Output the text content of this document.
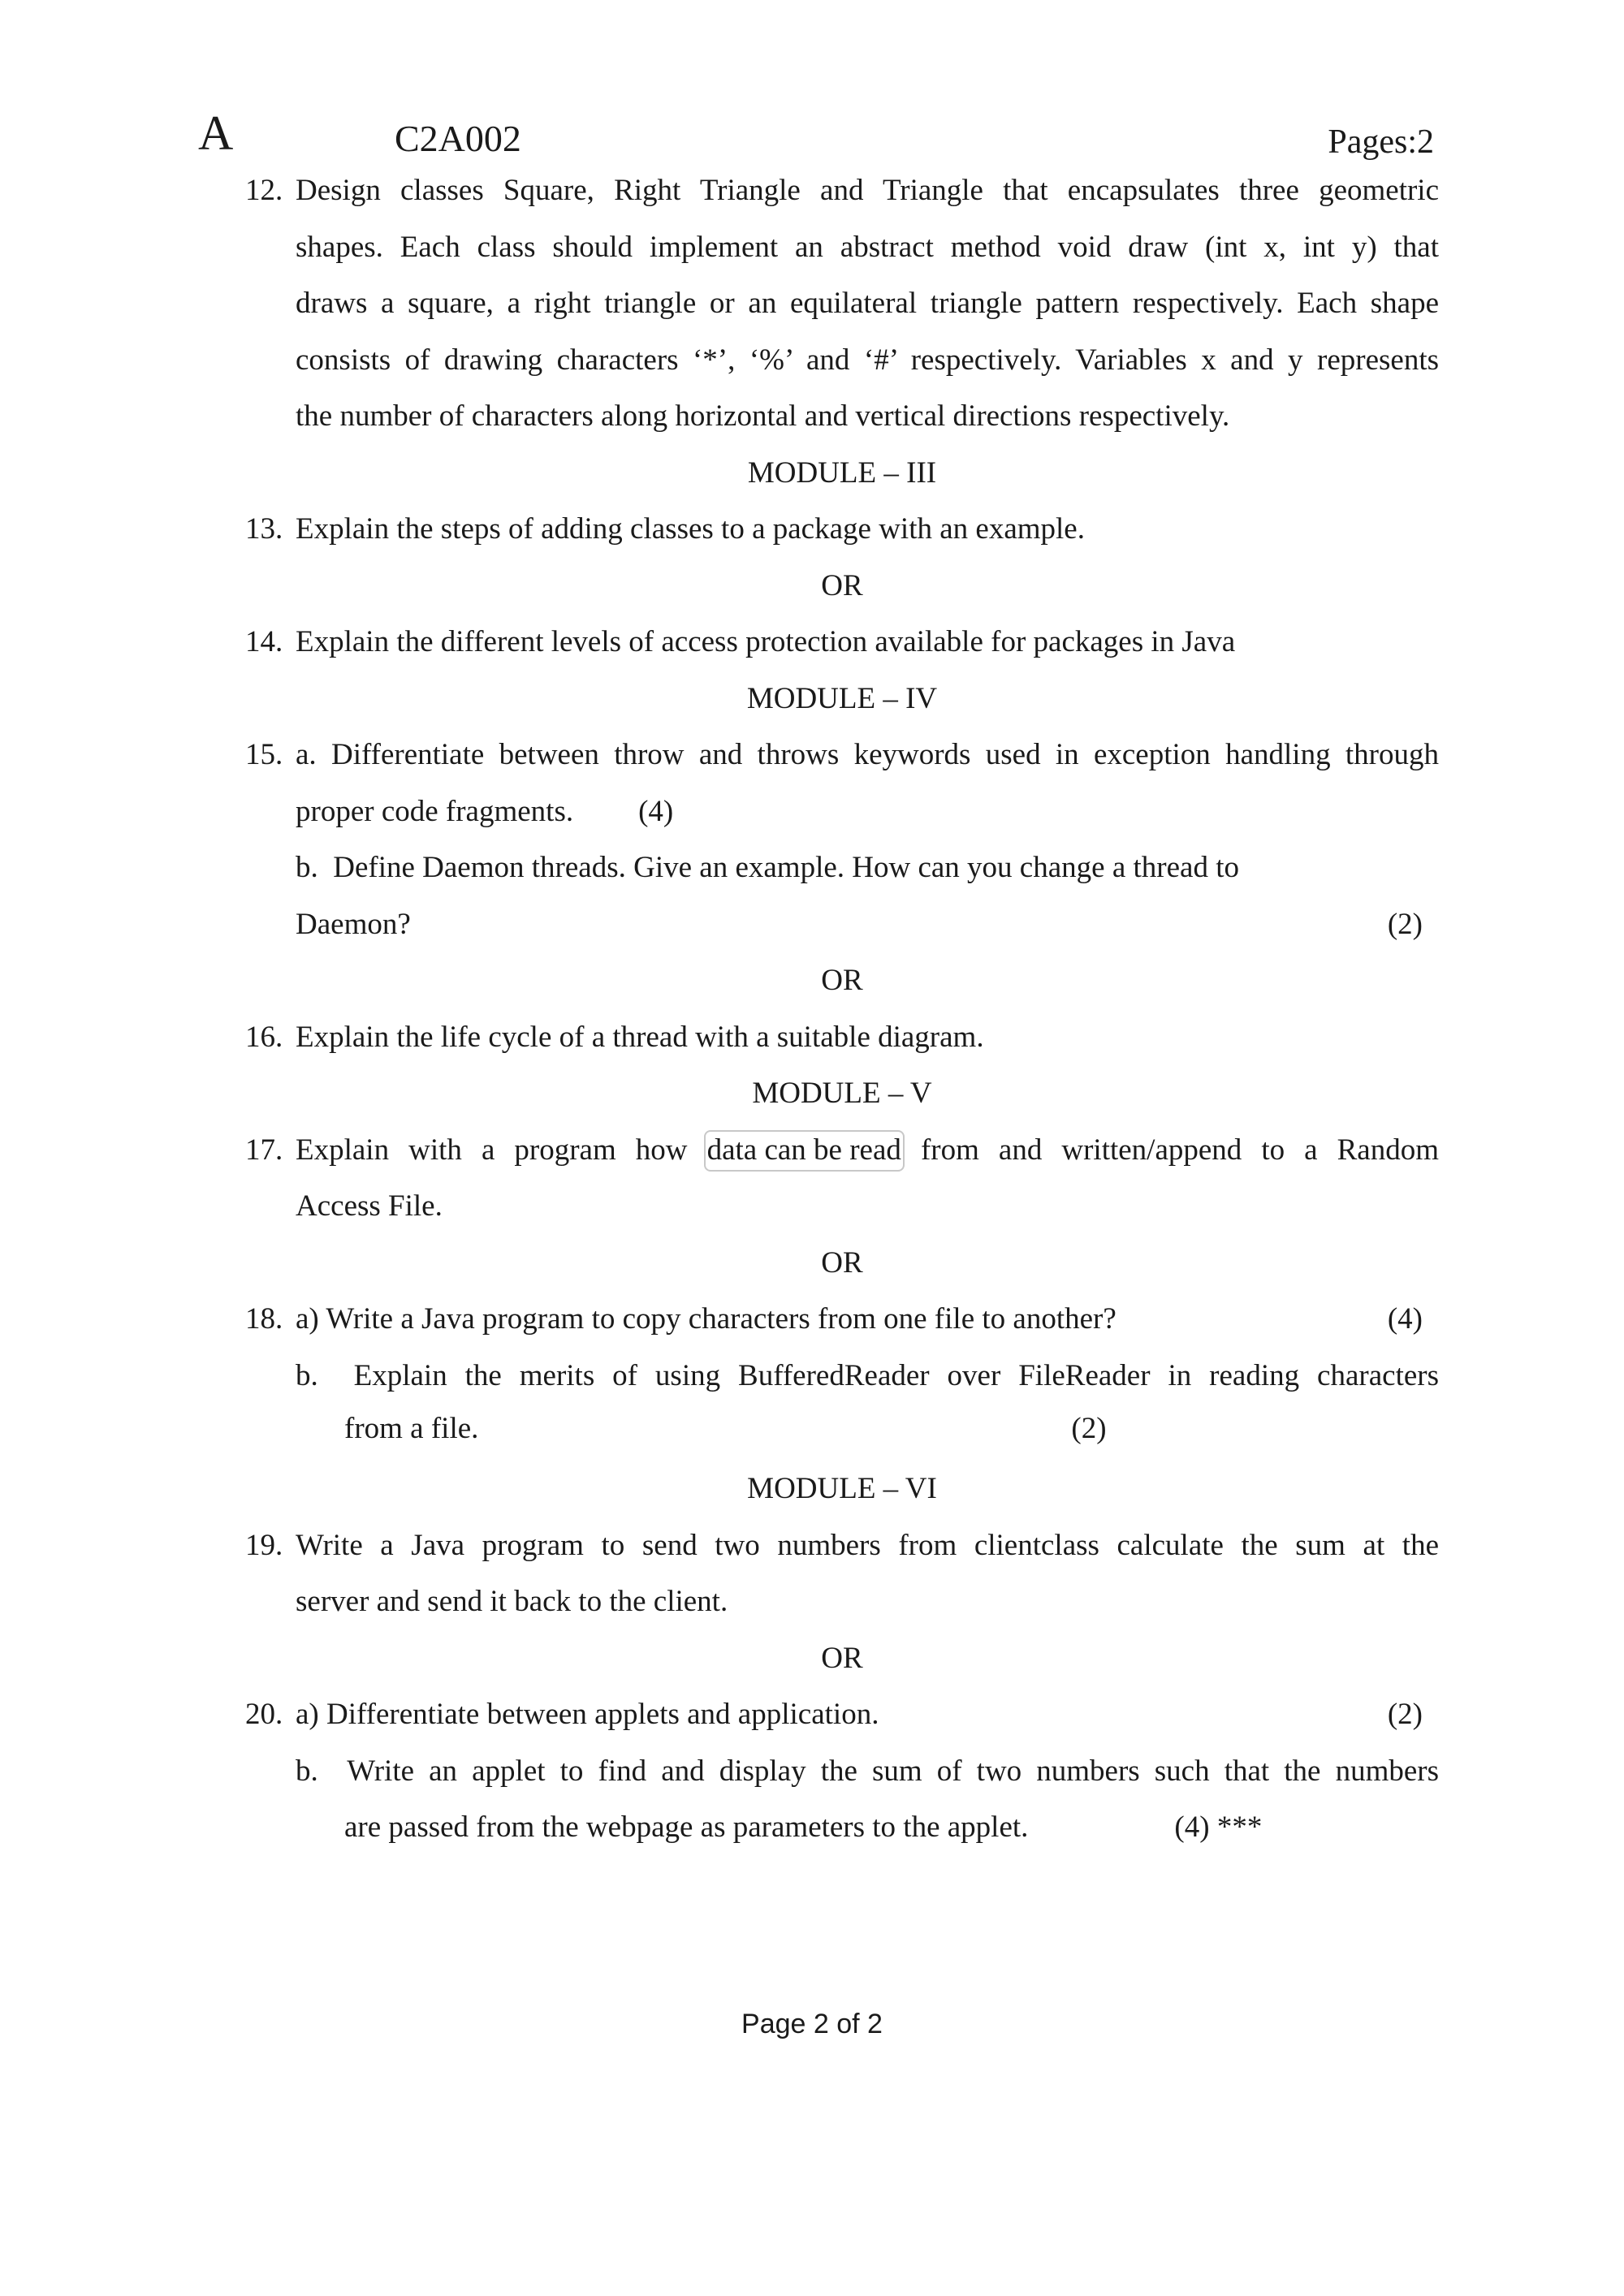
A	C2A002	Pages:2
12. Design classes Square, Right Triangle and Triangle that encapsulates three geometric
shapes. Each class should implement an abstract method void draw (int x, int y) that
draws a square, a right triangle or an equilateral triangle pattern respectively. Each shape
consists of drawing characters ‘*’, ‘%’ and ‘#’ respectively. Variables x and y represents
the number of characters along horizontal and vertical directions respectively.
MODULE – III
13. Explain the steps of adding classes to a package with an example.
OR
14. Explain the different levels of access protection available for packages in Java
MODULE – IV
15. a. Differentiate between throw and throws keywords used in exception handling through
proper code fragments. (4)
b.  Define Daemon threads. Give an example. How can you change a thread to
Daemon?	(2)
OR
16. Explain the life cycle of a thread with a suitable diagram.
MODULE – V
17. Explain with a program how data can be read from and written/append to a Random
Access File.
OR
18. a) Write a Java program to copy characters from one file to another?	(4)
b.  Explain the merits of using BufferedReader over FileReader in reading characters
from a file.	(2)
MODULE – VI
19. Write a Java program to send two numbers from clientclass calculate the sum at the
server and send it back to the client.
OR
20. a) Differentiate between applets and application.	(2)
b.  Write an applet to find and display the sum of two numbers such that the numbers
are passed from the webpage as parameters to the applet.	(4) ***
Page 2 of 2
